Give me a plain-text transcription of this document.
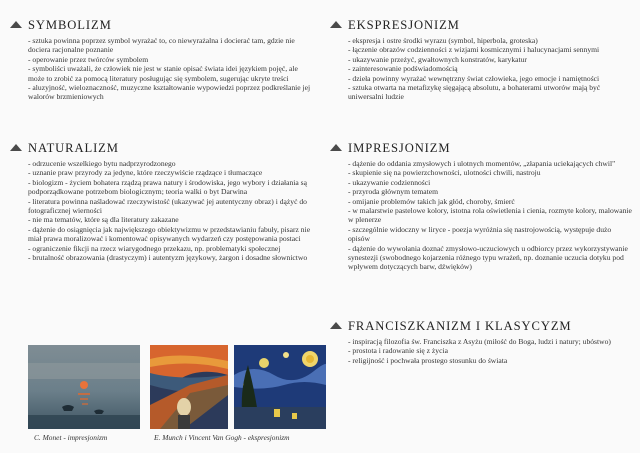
SYMBOLIZM
- sztuka powinna poprzez symbol wyrażać to, co niewyrażalna i docierać tam, gdzie nie dociera racjonalne poznanie
- operowanie przez twórców symbolem
- symboliści uważali, że człowiek nie jest w stanie opisać świata idei językiem pojęć, ale może to zrobić za pomocą literatury posługując się symbolem, sugerując ukryte treści
- aluzyjność, wieloznaczność, muzyczne kształtowanie wypowiedzi poprzez podkreślanie jej walorów brzmieniowych
NATURALIZM
- odrzucenie wszelkiego bytu nadprzyrodzonego
- uznanie praw przyrody za jedyne, które rzeczywiście rządzące i tłumaczące
- biologizm - życiem bohatera rządzą prawa natury i środowiska, jego wybory i działania są podporządkowane potrzebom biologicznym; teoria walki o byt Darwina
- literatura powinna naśladować rzeczywistość (ukazywać jej autentyczny obraz) i dążyć do fotograficznej wierności
- nie ma tematów, które są dla literatury zakazane
- dążenie do osiągnięcia jak największego obiektywizmu w przedstawianiu fabuły, pisarz nie miał prawa moralizować i komentować opisywanych wydarzeń czy postępowania postaci
- ograniczenie fikcji na rzecz wiarygodnego przekazu, np. problematyki społecznej
- brutalność obrazowania (drastyczym) i autentyzm językowy, żargon i dosadne słownictwo
C. Monet - impresjonizm	E. Munch i Vincent Van Gogh - ekspresjonizm
EKSPRESJONIZM
- ekspresja i ostre środki wyrazu (symbol, hiperbola, groteska)
- łączenie obrazów codzienności z wizjami kosmicznymi i halucynacjami sennymi
- ukazywanie przeżyć, gwałtownych konstratów, karykatur
- zainteresowanie podświadomością
- dzieła powinny wyrażać wewnętrzny świat człowieka, jego emocje i namiętności
- sztuka otwarta na metafizykę sięgającą absolutu, a bohaterami utworów mają być uniwersalni ludzie
IMPRESJONIZM
- dążenie do oddania zmysłowych i ulotnych momentów, „złapania uciekających chwil"
- skupienie się na powierzchowności, ulotności chwili, nastroju
- ukazywanie codzienności
- przyroda głównym tematem
- omijanie problemów takich jak głód, choroby, śmierć
- w malarstwie pastelowe kolory, istotna rola oświetlenia i cienia, rozmyte kolory, malowanie w plenerze
- szczególnie widoczny w liryce - poezja wyróżnia się nastrojowością, występuje dużo opisów
- dążenie do wywołania doznać zmysłowo-uczuciowych u odbiorcy przez wykorzystywanie synestezji (swobodnego kojarzenia różnego typu wrażeń, np. doznanie uczucia dotyku pod wpływem dotyczących barw, dźwięków)
FRANCISZKANIZM I KLASYCYZM
- inspiracją filozofia św. Franciszka z Asyżu (miłość do Boga, ludzi i natury; ubóstwo)
- prostota i radowanie się z życia
- religijność i pochwała prostego stosunku do świata
